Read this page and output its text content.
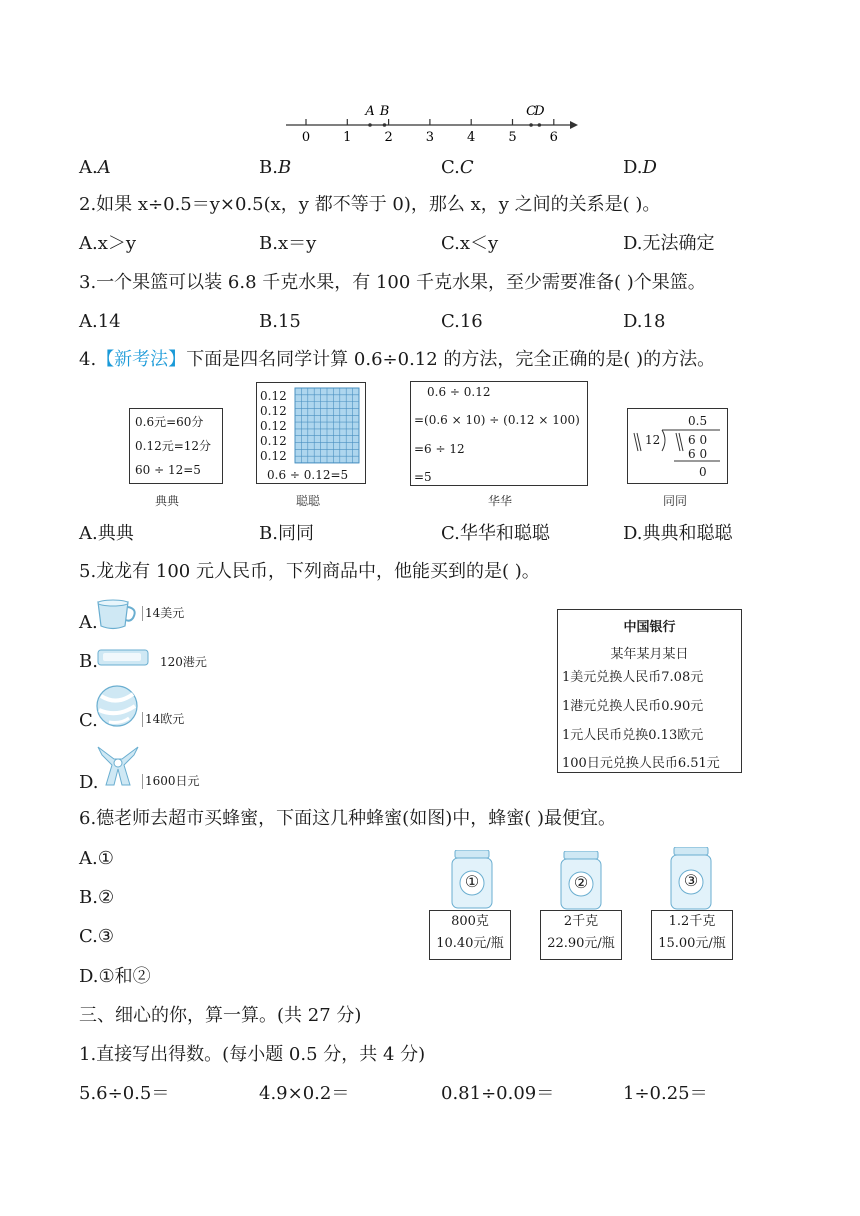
0	1	2	3	4	5	6
A B	C
D
A.A	B.B	C.C	D.D
2.如果 x÷0.5＝y×0.5(x，y 都不等于 0)，那么 x，y 之间的关系是( )。
A.x＞y	B.x＝y	C.x＜y	D.无法确定
3.一个果篮可以装 6.8 千克水果，有 100 千克水果，至少需要准备( )个果篮。
A.14	B.15	C.16	D.18
4.【新考法】下面是四名同学计算 0.6÷0.12 的方法，完全正确的是( )的方法。
0.6元=60分
0.12元=12分
60 ÷ 12=5
典典
0.12
0.12
0.12
0.12
0.12
0.6 ÷ 0.12=5
聪聪
0.6 ÷ 0.12
=(0.6 × 10) ÷ (0.12 × 100)
=6 ÷ 12
=5
华华
0.5
12 6 0
6 0
0
同同
A.典典	B.同同	C.华华和聪聪	D.典典和聪聪
5.龙龙有 100 元人民币，下列商品中，他能买到的是( )。
A.	14美元
B.	120港元
C.	14欧元
D.	1600日元
中国银行
某年某月某日
1美元兑换人民币7.08元
1港元兑换人民币0.90元
1元人民币兑换0.13欧元
100日元兑换人民币6.51元
6.德老师去超市买蜂蜜，下面这几种蜂蜜(如图)中，蜂蜜( )最便宜。
A.①
B.②
C.③
D.①和②
①
800克
10.40元/瓶
②
2千克
22.90元/瓶
③
1.2千克
15.00元/瓶
三、细心的你，算一算。(共 27 分)
1.直接写出得数。(每小题 0.5 分，共 4 分)
5.6÷0.5＝	4.9×0.2＝	0.81÷0.09＝	1÷0.25＝
